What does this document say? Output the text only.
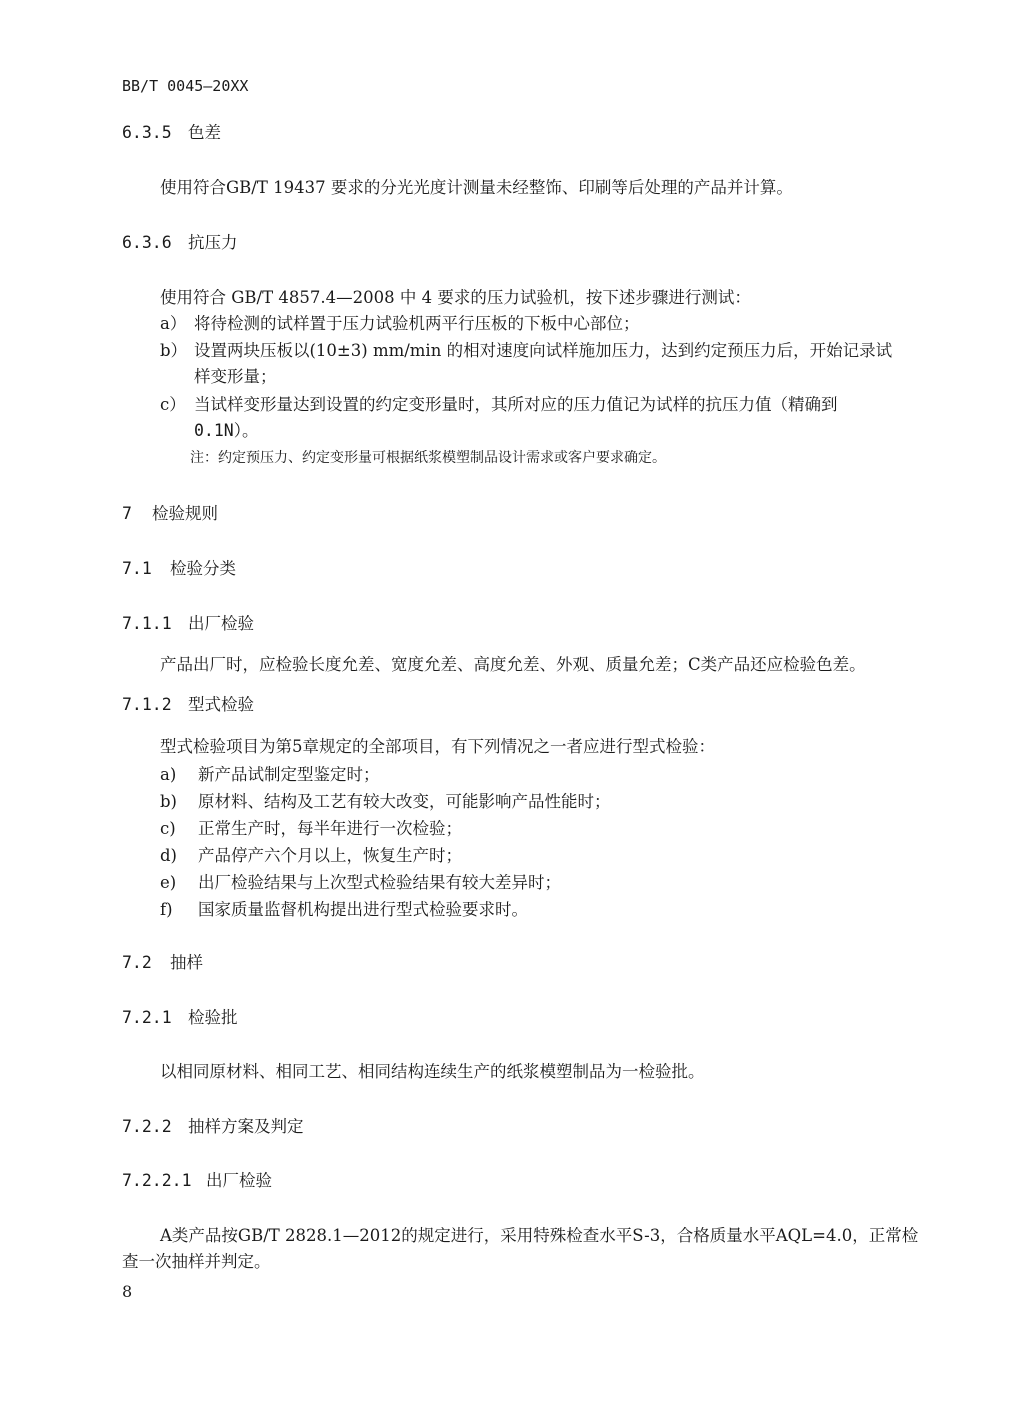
BB/T 0045—20XX
6.3.5 色差
使用符合GB/T 19437 要求的分光光度计测量未经整饰、印刷等后处理的产品并计算。
6.3.6 抗压力
使用符合 GB/T 4857.4—2008 中 4 要求的压力试验机，按下述步骤进行测试：
a） 将待检测的试样置于压力试验机两平行压板的下板中心部位；
b） 设置两块压板以(10±3) mm/min 的相对速度向试样施加压力，达到约定预压力后，开始记录试
样变形量；
c） 当试样变形量达到设置的约定变形量时，其所对应的压力值记为试样的抗压力值（精确到
0.1N）。
注：约定预压力、约定变形量可根据纸浆模塑制品设计需求或客户要求确定。
7 检验规则
7.1 检验分类
7.1.1 出厂检验
产品出厂时，应检验长度允差、宽度允差、高度允差、外观、质量允差；C类产品还应检验色差。
7.1.2 型式检验
型式检验项目为第5章规定的全部项目，有下列情况之一者应进行型式检验：
a) 新产品试制定型鉴定时；
b) 原材料、结构及工艺有较大改变，可能影响产品性能时；
c) 正常生产时，每半年进行一次检验；
d) 产品停产六个月以上，恢复生产时；
e) 出厂检验结果与上次型式检验结果有较大差异时；
f) 国家质量监督机构提出进行型式检验要求时。
7.2 抽样
7.2.1 检验批
以相同原材料、相同工艺、相同结构连续生产的纸浆模塑制品为一检验批。
7.2.2 抽样方案及判定
7.2.2.1 出厂检验
A类产品按GB/T 2828.1—2012的规定进行，采用特殊检查水平S-3，合格质量水平AQL=4.0，正常检
查一次抽样并判定。
8
